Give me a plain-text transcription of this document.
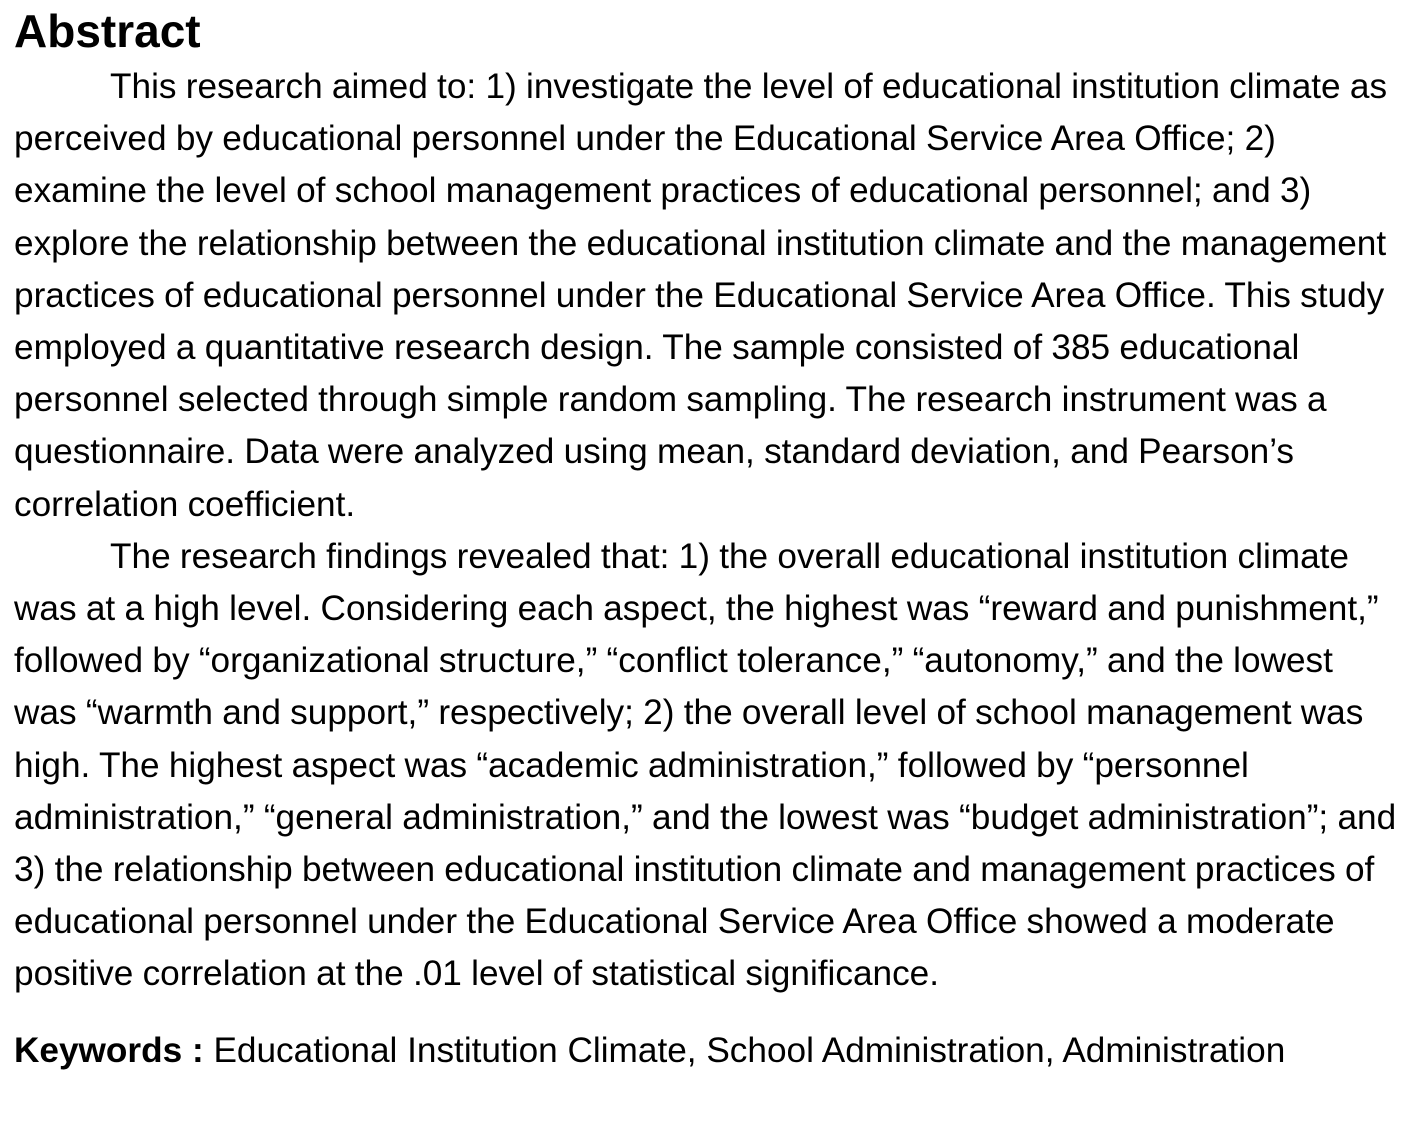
Abstract

This research aimed to: 1) investigate the level of educational institution climate as perceived by educational personnel under the Educational Service Area Office; 2) examine the level of school management practices of educational personnel; and 3) explore the relationship between the educational institution climate and the management practices of educational personnel under the Educational Service Area Office. This study employed a quantitative research design. The sample consisted of 385 educational personnel selected through simple random sampling. The research instrument was a questionnaire. Data were analyzed using mean, standard deviation, and Pearson’s correlation coefficient.

The research findings revealed that: 1) the overall educational institution climate was at a high level. Considering each aspect, the highest was “reward and punishment,” followed by “organizational structure,” “conflict tolerance,” “autonomy,” and the lowest was “warmth and support,” respectively; 2) the overall level of school management was high. The highest aspect was “academic administration,” followed by “personnel administration,” “general administration,” and the lowest was “budget administration”; and 3) the relationship between educational institution climate and management practices of educational personnel under the Educational Service Area Office showed a moderate positive correlation at the .01 level of statistical significance.

Keywords : Educational Institution Climate, School Administration, Administration
